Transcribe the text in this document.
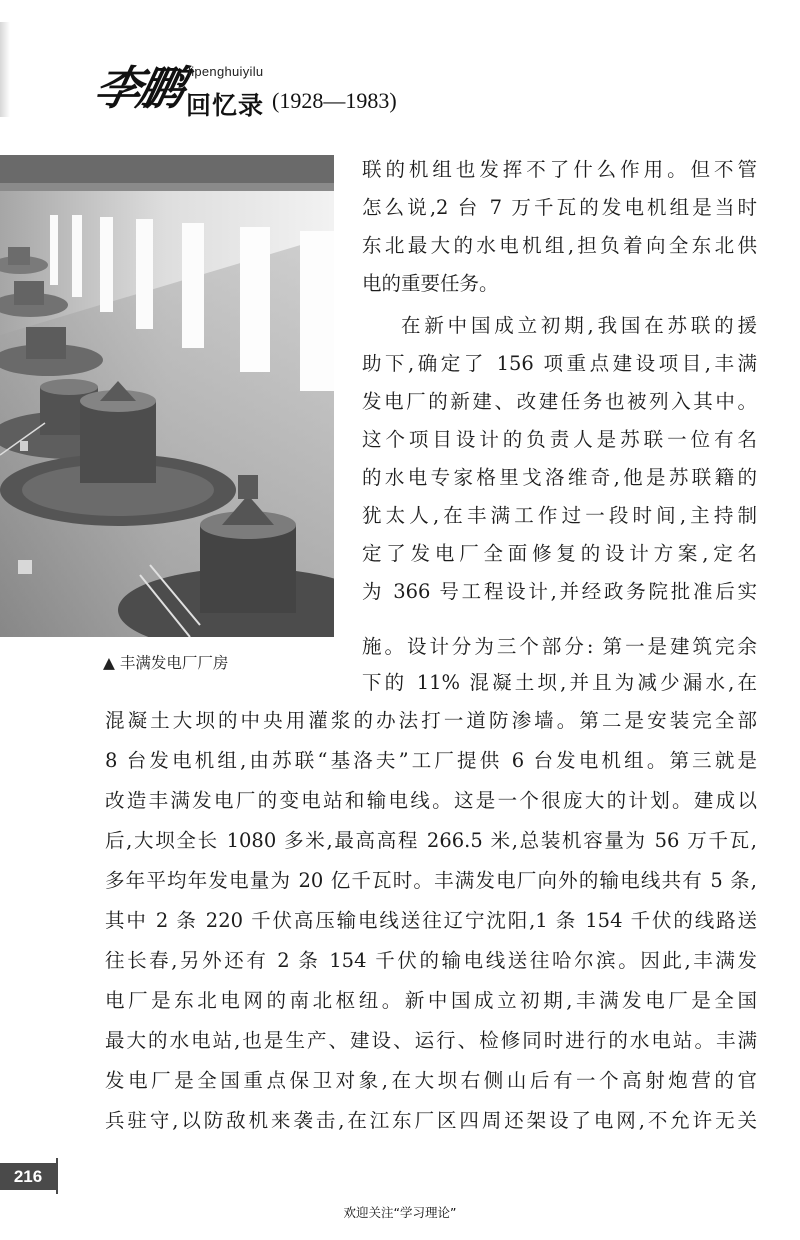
李鹏 lipenghuiyilu
回忆录 (1928—1983)
▲ 丰满发电厂厂房
联的机组也发挥不了什么作用。但不管
怎么说,2 台 7 万千瓦的发电机组是当时
东北最大的水电机组,担负着向全东北供
电的重要任务。
在新中国成立初期,我国在苏联的援
助下,确定了 156 项重点建设项目,丰满
发电厂的新建、改建任务也被列入其中。
这个项目设计的负责人是苏联一位有名
的水电专家格里戈洛维奇,他是苏联籍的
犹太人,在丰满工作过一段时间,主持制
定了发电厂全面修复的设计方案,定名
为 366 号工程设计,并经政务院批准后实
施。设计分为三个部分: 第一是建筑完余
下的 11% 混凝土坝,并且为减少漏水,在
混凝土大坝的中央用灌浆的办法打一道防渗墙。第二是安装完全部
8 台发电机组,由苏联“基洛夫”工厂提供 6 台发电机组。第三就是
改造丰满发电厂的变电站和输电线。这是一个很庞大的计划。建成以
后,大坝全长 1080 多米,最高高程 266.5 米,总装机容量为 56 万千瓦,
多年平均年发电量为 20 亿千瓦时。丰满发电厂向外的输电线共有 5 条,
其中 2 条 220 千伏高压输电线送往辽宁沈阳,1 条 154 千伏的线路送
往长春,另外还有 2 条 154 千伏的输电线送往哈尔滨。因此,丰满发
电厂是东北电网的南北枢纽。新中国成立初期,丰满发电厂是全国
最大的水电站,也是生产、建设、运行、检修同时进行的水电站。丰满
发电厂是全国重点保卫对象,在大坝右侧山后有一个高射炮营的官
兵驻守,以防敌机来袭击,在江东厂区四周还架设了电网,不允许无关
216
欢迎关注“学习理论”
